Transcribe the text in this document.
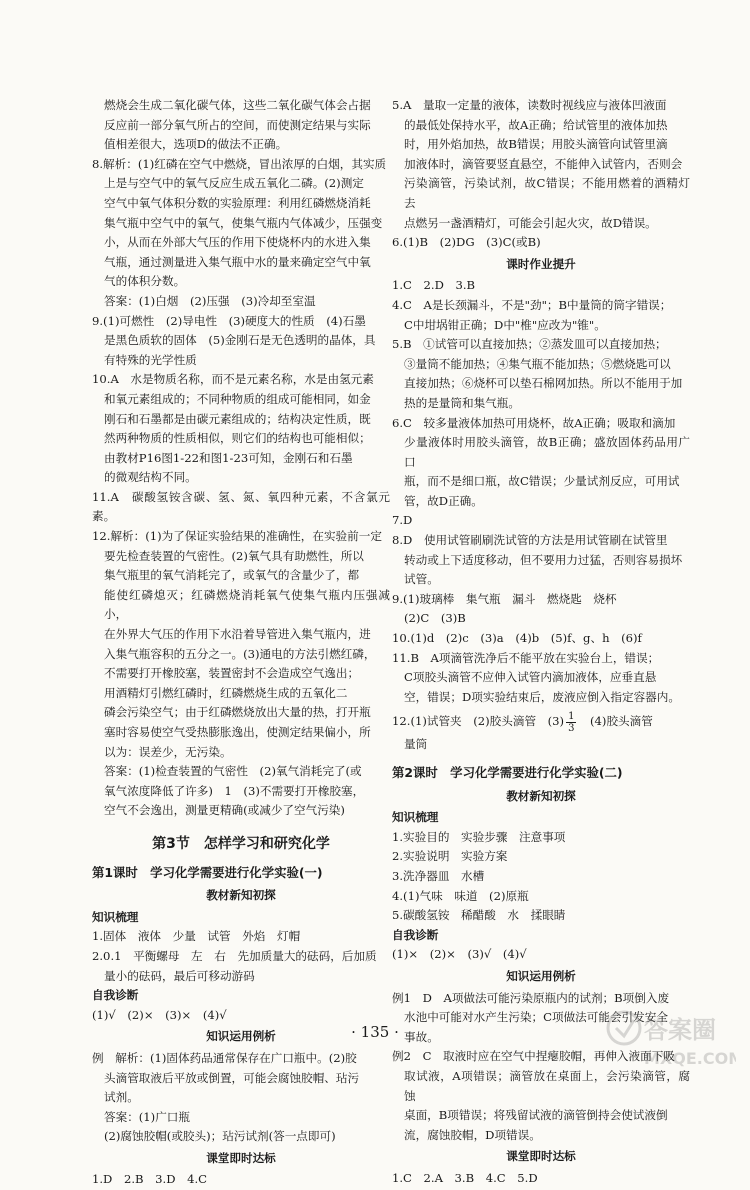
燃烧会生成二氧化碳气体，这些二氧化碳气体会占据

反应前一部分氧气所占的空间，而使测定结果与实际

值相差很大，选项D的做法不正确。

8.解析：(1)红磷在空气中燃烧，冒出浓厚的白烟，其实质

上是与空气中的氧气反应生成五氧化二磷。(2)测定

空气中氧气体积分数的实验原理：利用红磷燃烧消耗

集气瓶中空气中的氧气，使集气瓶内气体减少，压强变

小，从而在外部大气压的作用下使烧杯内的水进入集

气瓶，通过测量进入集气瓶中水的量来确定空气中氧

气的体积分数。

答案：(1)白烟　(2)压强　(3)冷却至室温

9.(1)可燃性　(2)导电性　(3)硬度大的性质　(4)石墨

是黑色质软的固体　(5)金刚石是无色透明的晶体，具

有特殊的光学性质

10.A　水是物质名称，而不是元素名称，水是由氢元素

和氧元素组成的；不同种物质的组成可能相同，如金

刚石和石墨都是由碳元素组成的；结构决定性质，既

然两种物质的性质相似，则它们的结构也可能相似；

由教材P16图1-22和图1-23可知，金刚石和石墨

的微观结构不同。

11.A　碳酸氢铵含碳、氢、氮、氧四种元素，不含氯元素。

12.解析：(1)为了保证实验结果的准确性，在实验前一定

要先检查装置的气密性。(2)氧气具有助燃性，所以

集气瓶里的氧气消耗完了，或氧气的含量少了，都

能使红磷熄灭；红磷燃烧消耗氧气使集气瓶内压强减小，

在外界大气压的作用下水沿着导管进入集气瓶内，进

入集气瓶容积的五分之一。(3)通电的方法引燃红磷，

不需要打开橡胶塞，装置密封不会造成空气逸出；

用酒精灯引燃红磷时，红磷燃烧生成的五氧化二

磷会污染空气；由于红磷燃烧放出大量的热，打开瓶

塞时容易使空气受热膨胀逸出，使测定结果偏小，所

以为：误差少，无污染。

答案：(1)检查装置的气密性　(2)氧气消耗完了(或

氧气浓度降低了许多)　1　(3)不需要打开橡胶塞，

空气不会逸出，测量更精确(或减少了空气污染)

第3节　怎样学习和研究化学
第1课时　学习化学需要进行化学实验(一)

教材新知初探

知识梳理

1.固体　液体　少量　试管　外焰　灯帽

2.0.1　平衡螺母　左　右　先加质量大的砝码，后加质

量小的砝码，最后可移动游码

自我诊断

(1)√　(2)×　(3)×　(4)√

知识运用例析

例　解析：(1)固体药品通常保存在广口瓶中。(2)胶

头滴管取液后平放或倒置，可能会腐蚀胶帽、玷污

试剂。

答案：(1)广口瓶

(2)腐蚀胶帽(或胶头)；玷污试剂(答一点即可)

课堂即时达标

1.D　2.B　3.D　4.C

5.A　量取一定量的液体，读数时视线应与液体凹液面

的最低处保持水平，故A正确；给试管里的液体加热

时，用外焰加热，故B错误；用胶头滴管向试管里滴

加液体时，滴管要竖直悬空，不能伸入试管内，否则会

污染滴管，污染试剂，故C错误；不能用燃着的酒精灯去

点燃另一盏酒精灯，可能会引起火灾，故D错误。

6.(1)B　(2)DG　(3)C(或B)

课时作业提升

1.C　2.D　3.B

4.C　A是长颈漏斗，不是"劲"；B中量筒的筒字错误；

C中坩埚钳正确；D中"椎"应改为"锥"。

5.B　①试管可以直接加热；②蒸发皿可以直接加热；

③量筒不能加热；④集气瓶不能加热；⑤燃烧匙可以

直接加热；⑥烧杯可以垫石棉网加热。所以不能用于加

热的是量筒和集气瓶。

6.C　较多量液体加热可用烧杯，故A正确；吸取和滴加

少量液体时用胶头滴管，故B正确；盛放固体药品用广口

瓶，而不是细口瓶，故C错误；少量试剂反应，可用试

管，故D正确。

7.D

8.D　使用试管刷刷洗试管的方法是用试管刷在试管里

转动或上下适度移动，但不要用力过猛，否则容易损坏

试管。

9.(1)玻璃棒　集气瓶　漏斗　燃烧匙　烧杯

(2)C　(3)B

10.(1)d　(2)c　(3)a　(4)b　(5)f、g、h　(6)f

11.B　A项滴管洗净后不能平放在实验台上，错误；

C项胶头滴管不应伸入试管内滴加液体，应垂直悬

空，错误；D项实验结束后，废液应倒入指定容器内。

12.(1)试管夹　(2)胶头滴管　$(3) \frac{1}{3}$ 　(4)胶头滴管

量筒

第2课时　学习化学需要进行化学实验(二)

教材新知初探

知识梳理

1.实验目的　实验步骤　注意事项

2.实验说明　实验方案

3.洗净器皿　水槽

4.(1)气味　味道　(2)原瓶

5.碳酸氢铵　稀醋酸　水　揉眼睛

自我诊断

(1)×　(2)×　(3)√　(4)√

知识运用例析

例1　D　A项做法可能污染原瓶内的试剂；B项倒入废

水池中可能对水产生污染；C项做法可能会引发安全

事故。

例2　C　取液时应在空气中捏瘪胶帽，再伸入液面下吸

取试液，A项错误；滴管放在桌面上，会污染滴管，腐蚀

桌面，B项错误；将残留试液的滴管倒持会使试液倒

流，腐蚀胶帽，D项错误。

课堂即时达标

1.C　2.A　3.B　4.C　5.D

· 135 ·	答案圈
MXQE.COM
